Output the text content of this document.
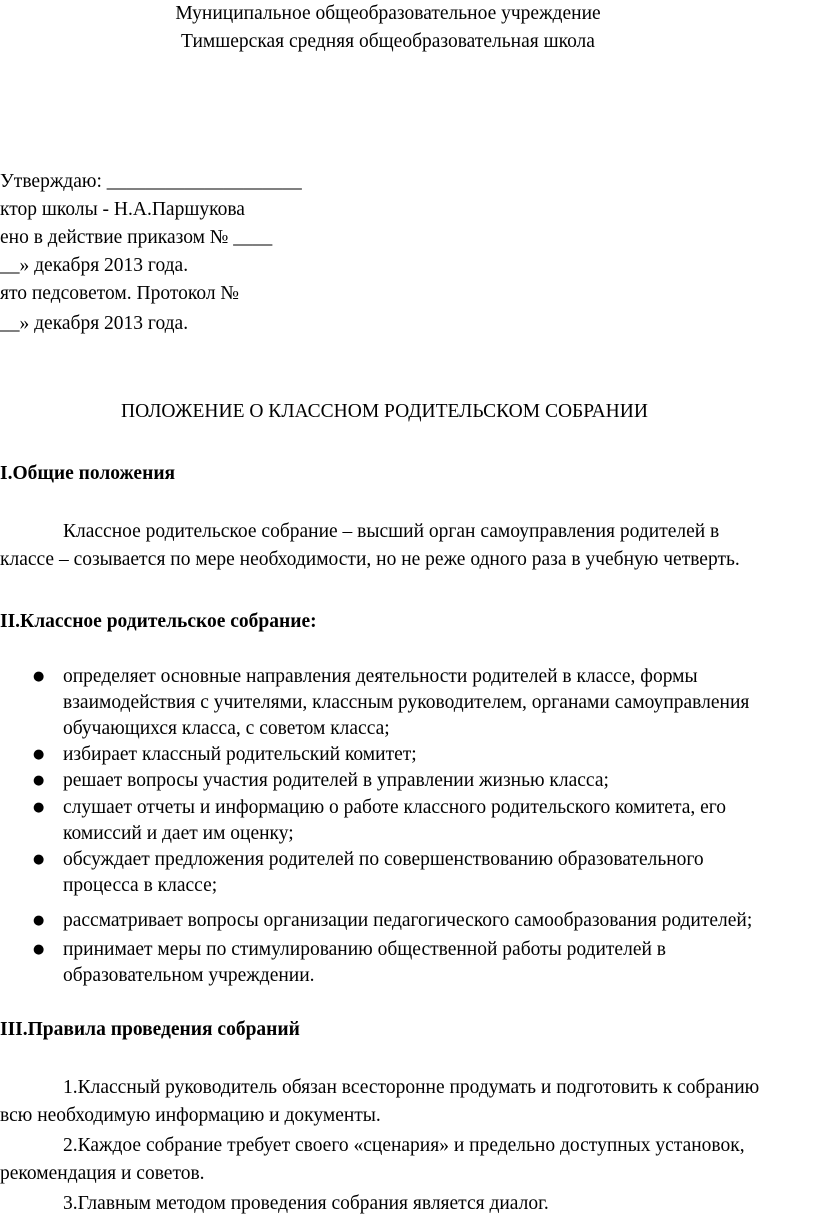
Муниципальное общеобразовательное учреждение
Тимшерская средняя общеобразовательная школа
Утверждаю: ____________________
ктор школы - Н.А.Паршукова
ено в действие приказом № ____
__» декабря 2013 года.
ято педсоветом. Протокол №
__» декабря 2013 года.
ПОЛОЖЕНИЕ О КЛАССНОМ РОДИТЕЛЬСКОМ СОБРАНИИ
I.Общие положения
Классное родительское собрание – высший орган самоуправления родителей в
классе – созывается по мере необходимости, но не реже одного раза в учебную четверть.
II.Классное родительское собрание:
● определяет основные направления деятельности родителей в классе, формы
взаимодействия с учителями, классным руководителем, органами самоуправления
обучающихся класса, с советом класса;
● избирает классный родительский комитет;
● решает вопросы участия родителей в управлении жизнью класса;
● слушает отчеты и информацию о работе классного родительского комитета, его
комиссий и дает им оценку;
● обсуждает предложения родителей по совершенствованию образовательного
процесса в классе;
● рассматривает вопросы организации педагогического самообразования родителей;
● принимает меры по стимулированию общественной работы родителей в
образовательном учреждении.
III.Правила проведения собраний
1.Классный руководитель обязан всесторонне продумать и подготовить к собранию
всю необходимую информацию и документы.
2.Каждое собрание требует своего «сценария» и предельно доступных установок,
рекомендация и советов.
3.Главным методом проведения собрания является диалог.
